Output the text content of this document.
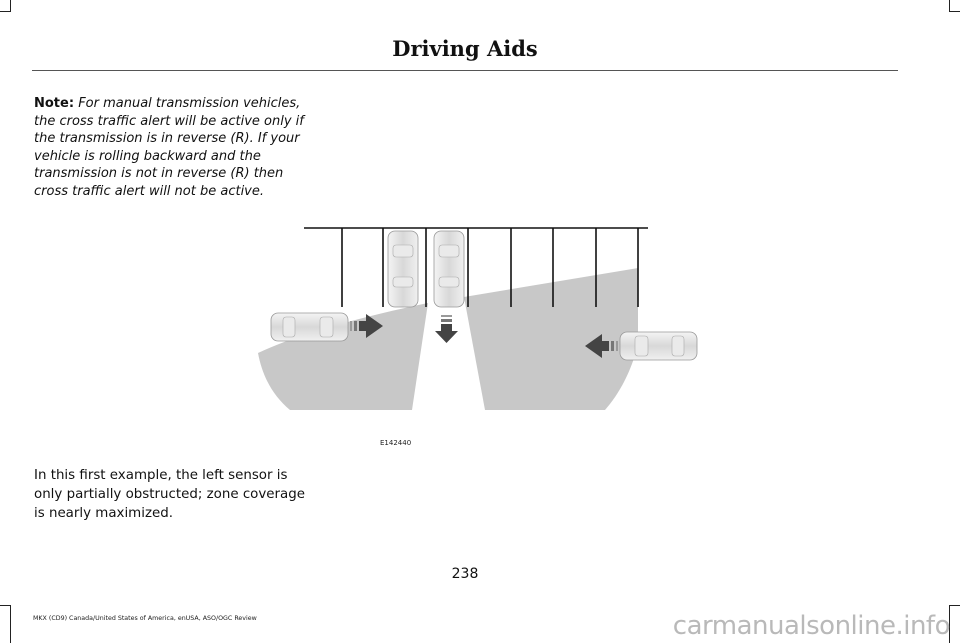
Driving Aids
Note: For manual transmission vehicles, the cross traffic alert will be active only if the transmission is in reverse (R). If your vehicle is rolling backward and the transmission is not in reverse (R) then cross traffic alert will not be active.
E142440
In this first example, the left sensor is only partially obstructed; zone coverage is nearly maximized.
238
MKX (CD9) Canada/United States of America, enUSA, ASO/OGC Review	carmanualsonline.info
